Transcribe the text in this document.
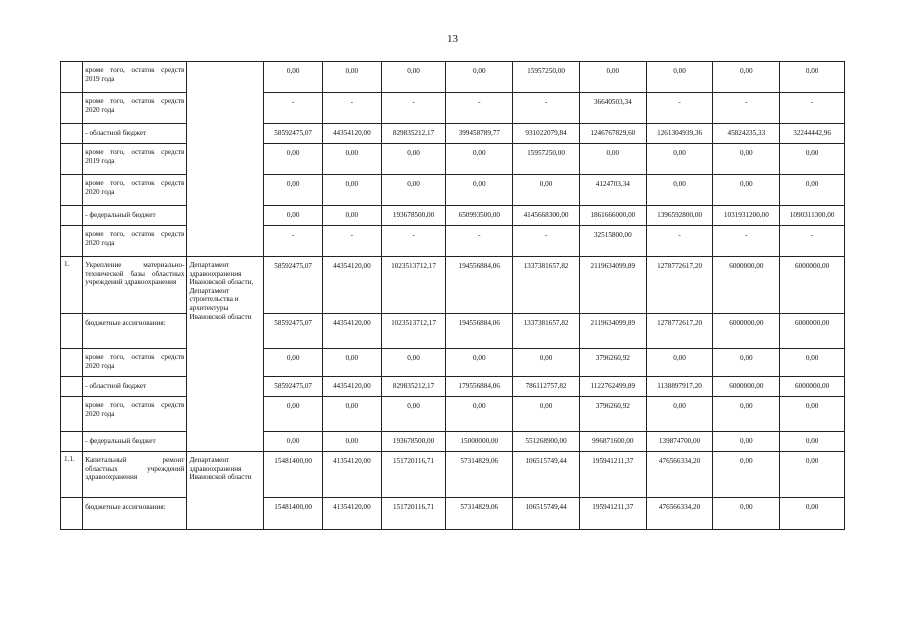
13
	кроме того, остаток средств 2019 года		0,00	0,00	0,00	0,00	15957250,00	0,00	0,00	0,00	0,00
	кроме того, остаток средств 2020 года		-	-	-	-	-	36640503,34	-	-	-
	- областной бюджет		58592475,07	44354120,00	829835212,17	399458789,77	931022079,84	1246767829,60	1261304939,36	45824235,33	32244442,96
	кроме того, остаток средств 2019 года		0,00	0,00	0,00	0,00	15957250,00	0,00	0,00	0,00	0,00
	кроме того, остаток средств 2020 года		0,00	0,00	0,00	0,00	0,00	4124703,34	0,00	0,00	0,00
	- федеральный бюджет		0,00	0,00	193678500,00	650993500,00	4145668300,00	1861666000,00	1396592800,00	1031931200,00	1090311300,00
	кроме того, остаток средств 2020 года		-	-	-	-	-	32515800,00	-	-	-
1.	Укрепление материально-технической базы областных учреждений здравоохранения	Департамент здравоохранения Ивановской области, Департамент строительства и архитектуры Ивановской области	58592475,07	44354120,00	1023513712,17	194556884,06	1337381657,82	2119634099,89	1278772617,20	6000000,00	6000000,00
	бюджетные ассигнования:		58592475,07	44354120,00	1023513712,17	194556884,06	1337381657,82	2119634099,89	1278772617,20	6000000,00	6000000,00
	кроме того, остаток средств 2020 года		0,00	0,00	0,00	0,00	0,00	3796260,92	0,00	0,00	0,00
	- областной бюджет		58592475,07	44354120,00	829835212,17	179556884,06	786112757,82	1122762499,89	1138897917,20	6000000,00	6000000,00
	кроме того, остаток средств 2020 года		0,00	0,00	0,00	0,00	0,00	3796260,92	0,00	0,00	0,00
	- федеральный бюджет		0,00	0,00	193678500,00	15000000,00	551268900,00	996871600,00	139874700,00	0,00	0,00
1.1.	Капитальный ремонт областных учреждений здравоохранения	Департамент здравоохранения Ивановской области	15481400,00	41354120,00	151720116,71	57314829,06	106515749,44	195941211,37	476566334,20	0,00	0,00
	бюджетные ассигнования:		15481400,00	41354120,00	151720116,71	57314829,06	106515749,44	195941211,37	476566334,20	0,00	0,00
